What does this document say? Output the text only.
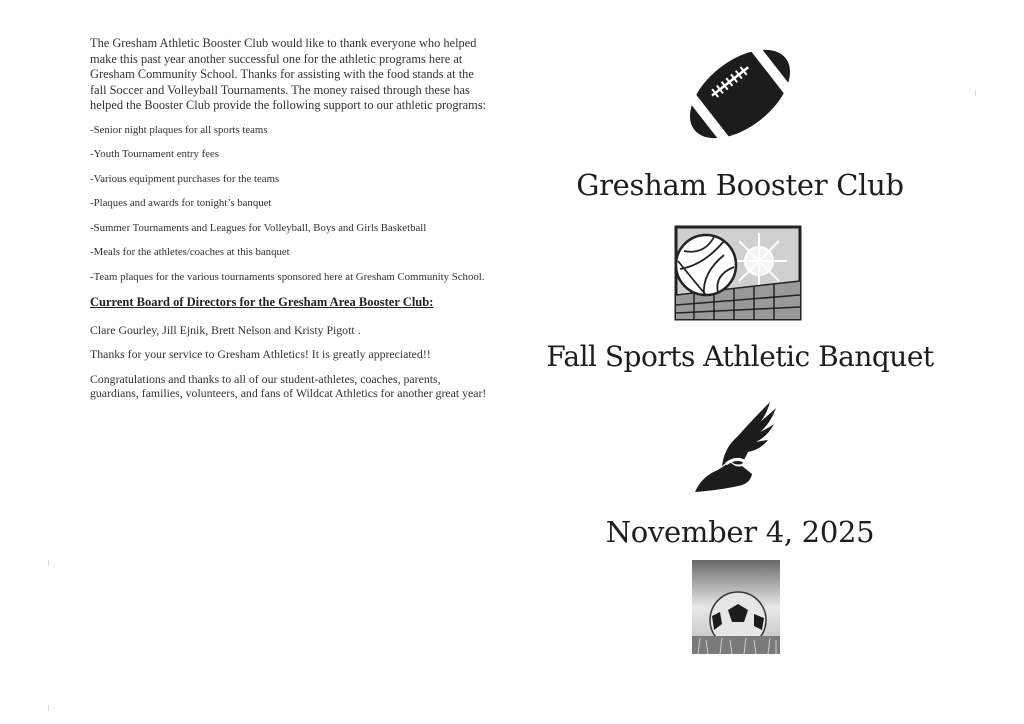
The Gresham Athletic Booster Club would like to thank everyone who helped make this past year another successful one for the athletic programs here at Gresham Community School. Thanks for assisting with the food stands at the fall Soccer and Volleyball Tournaments. The money raised through these has helped the Booster Club provide the following support to our athletic programs:

-Senior night plaques for all sports teams
-Youth Tournament entry fees
-Various equipment purchases for the teams
-Plaques and awards for tonight’s banquet
-Summer Tournaments and Leagues for Volleyball, Boys and Girls Basketball
-Meals for the athletes/coaches at this banquet
-Team plaques for the various tournaments sponsored here at Gresham Community School.
Current Board of Directors for the Gresham Area Booster Club:

Clare Gourley, Jill Ejnik, Brett Nelson and Kristy Pigott .

Thanks for your service to Gresham Athletics! It is greatly appreciated!!

Congratulations and thanks to all of our student-athletes, coaches, parents, guardians, families, volunteers, and fans of Wildcat Athletics for another great year!

Gresham Booster Club
Fall Sports Athletic Banquet
November 4, 2025
